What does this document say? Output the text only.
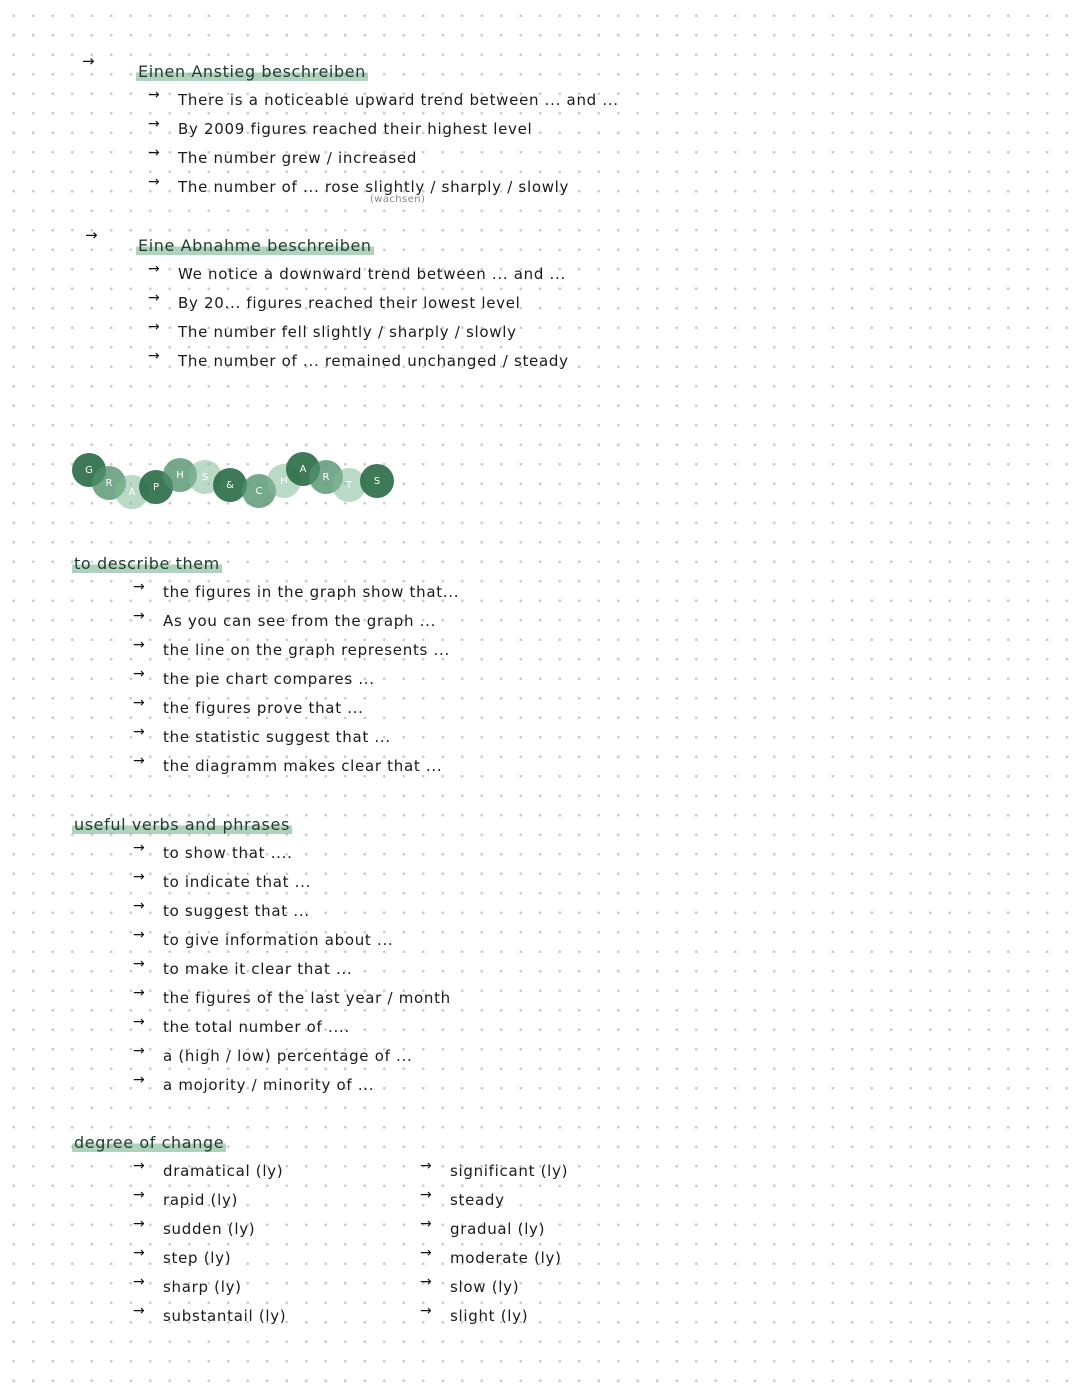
→
Einen Anstieg beschreiben
→ There is a noticeable upward trend between ... and ...
→ By 2009 figures reached their highest level
→ The number grew / increased
→ The number of ... rose slightly / sharply / slowly
(wachsen)
→
Eine Abnahme beschreiben
→ We notice a downward trend between ... and ...
→ By 20... figures reached their lowest level
→ The number fell slightly / sharply / slowly
→ The number of ... remained unchanged / steady
G
R
A P
H S
&
C
H
A
R
T S
to describe them
→ the figures in the graph show that...
→ As you can see from the graph ...
→ the line on the graph represents ...
→ the pie chart compares ...
→ the figures prove that ...
→ the statistic suggest that ...
→ the diagramm makes clear that ...
useful verbs and phrases
→ to show that ....
→ to indicate that ...
→ to suggest that ...
→ to give information about ...
→ to make it clear that ...
→ the figures of the last year / month
→ the total number of ....
→ a (high / low) percentage of ...
→ a mojority / minority of ...
degree of change
→ dramatical (ly)
→ rapid (ly)
→ sudden (ly)
→ step (ly)
→ sharp (ly)
→ substantail (ly)
→ significant (ly)
→ steady
→ gradual (ly)
→ moderate (ly)
→ slow (ly)
→ slight (ly)
